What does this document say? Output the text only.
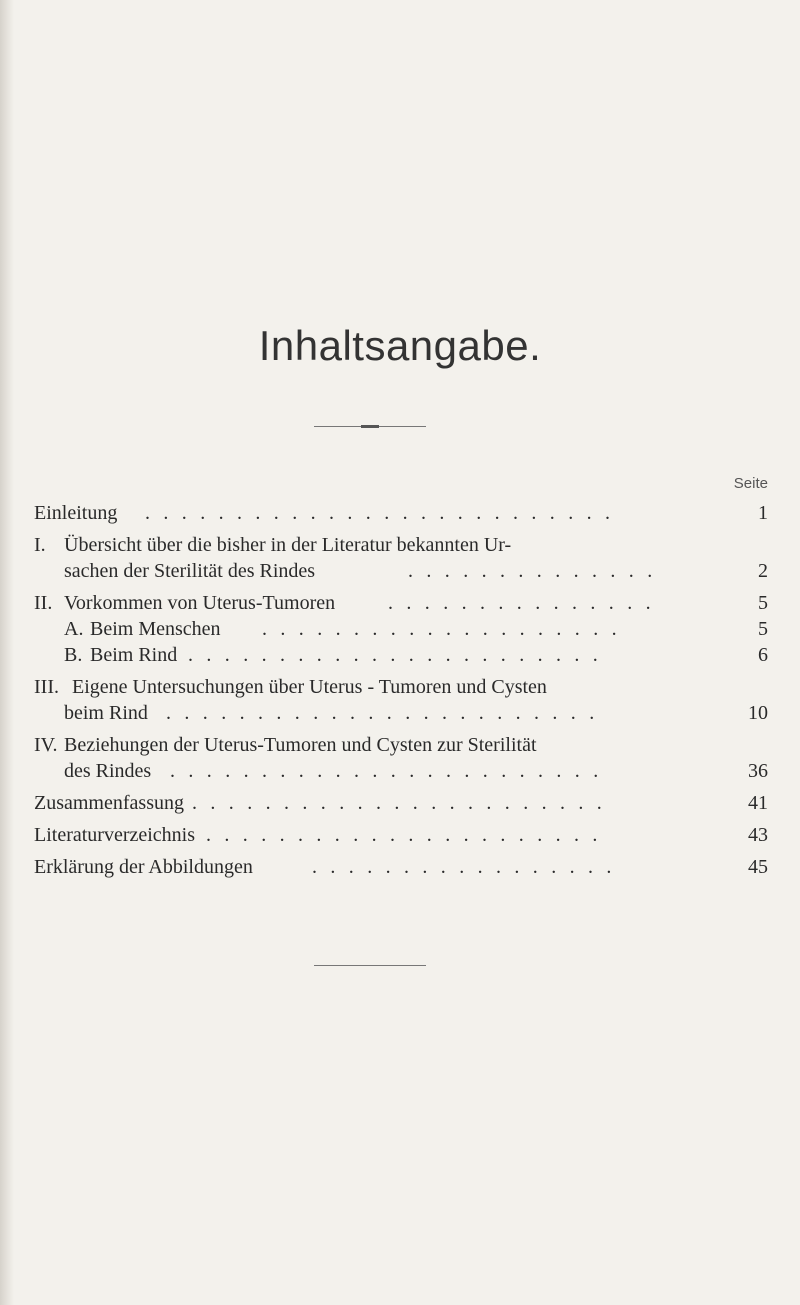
Inhaltsangabe.
Seite
Einleitung . . . . . . . . . . . . . . . . . . . . . . . . . .	1
I. Übersicht über die bisher in der Literatur bekannten Ur-
sachen der Sterilität des Rindes	. . . . . . . . . . . . . .	2
II. Vorkommen von Uterus-Tumoren	. . . . . . . . . . . . . . .	5
A. Beim Menschen . . . . . . . . . . . . . . . . . . . .	5
B. Beim Rind . . . . . . . . . . . . . . . . . . . . . . .	6
III. Eigene Untersuchungen über Uterus - Tumoren und Cysten
beim Rind . . . . . . . . . . . . . . . . . . . . . . . .	10
IV. Beziehungen der Uterus-Tumoren und Cysten zur Sterilität
des Rindes . . . . . . . . . . . . . . . . . . . . . . . .	36
Zusammenfassung . . . . . . . . . . . . . . . . . . . . . . .	41
Literaturverzeichnis . . . . . . . . . . . . . . . . . . . . . .	43
Erklärung der Abbildungen	. . . . . . . . . . . . . . . . .	45
